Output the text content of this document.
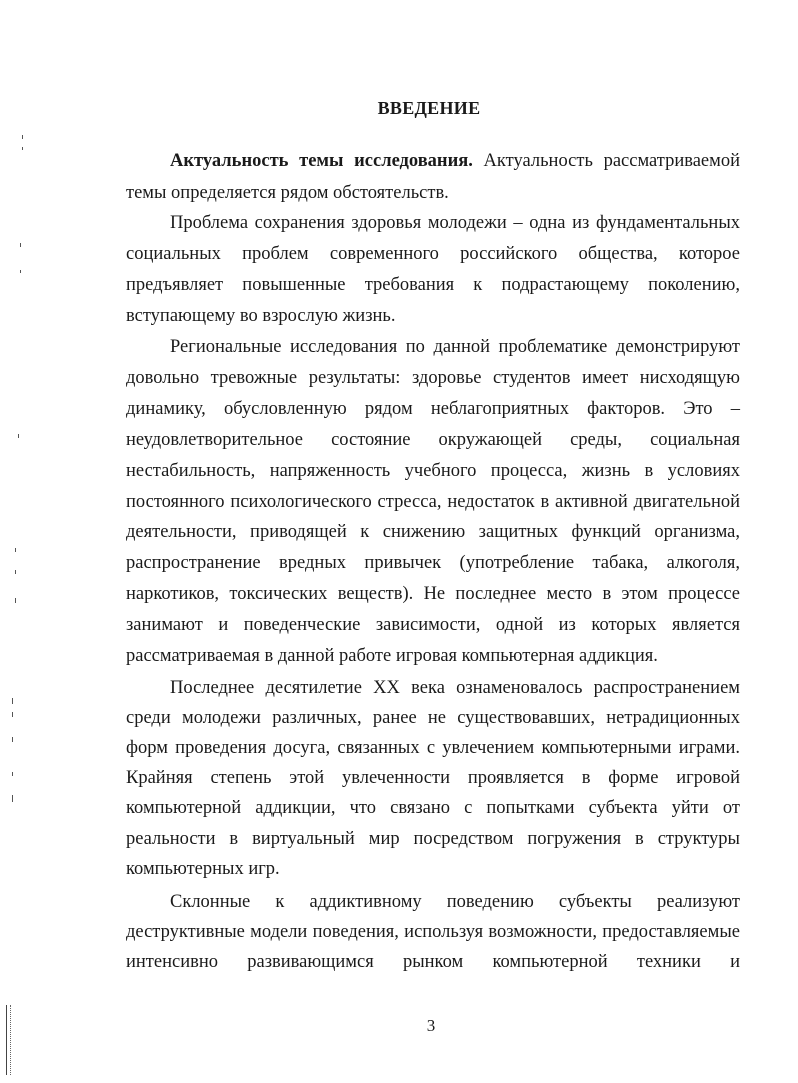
ВВЕДЕНИЕ
Актуальность темы исследования. Актуальность рассматриваемой
темы определяется рядом обстоятельств.
Проблема сохранения здоровья молодежи – одна из фундаментальных
социальных проблем современного российского общества, которое
предъявляет повышенные требования к подрастающему поколению,
вступающему во взрослую жизнь.
Региональные исследования по данной проблематике демонстрируют
довольно тревожные результаты: здоровье студентов имеет нисходящую
динамику, обусловленную рядом неблагоприятных факторов. Это –
неудовлетворительное состояние окружающей среды, социальная
нестабильность, напряженность учебного процесса, жизнь в условиях
постоянного психологического стресса, недостаток в активной двигательной
деятельности, приводящей к снижению защитных функций организма,
распространение вредных привычек (употребление табака, алкоголя,
наркотиков, токсических веществ). Не последнее место в этом процессе
занимают и поведенческие зависимости, одной из которых является
рассматриваемая в данной работе игровая компьютерная аддикция.
Последнее десятилетие XX века ознаменовалось распространением
среди молодежи различных, ранее не существовавших, нетрадиционных
форм проведения досуга, связанных с увлечением компьютерными играми.
Крайняя степень этой увлеченности проявляется в форме игровой
компьютерной аддикции, что связано с попытками субъекта уйти от
реальности в виртуальный мир посредством погружения в структуры
компьютерных игр.
Склонные к аддиктивному поведению субъекты реализуют
деструктивные модели поведения, используя возможности, предоставляемые
интенсивно развивающимся рынком компьютерной техники и
3
